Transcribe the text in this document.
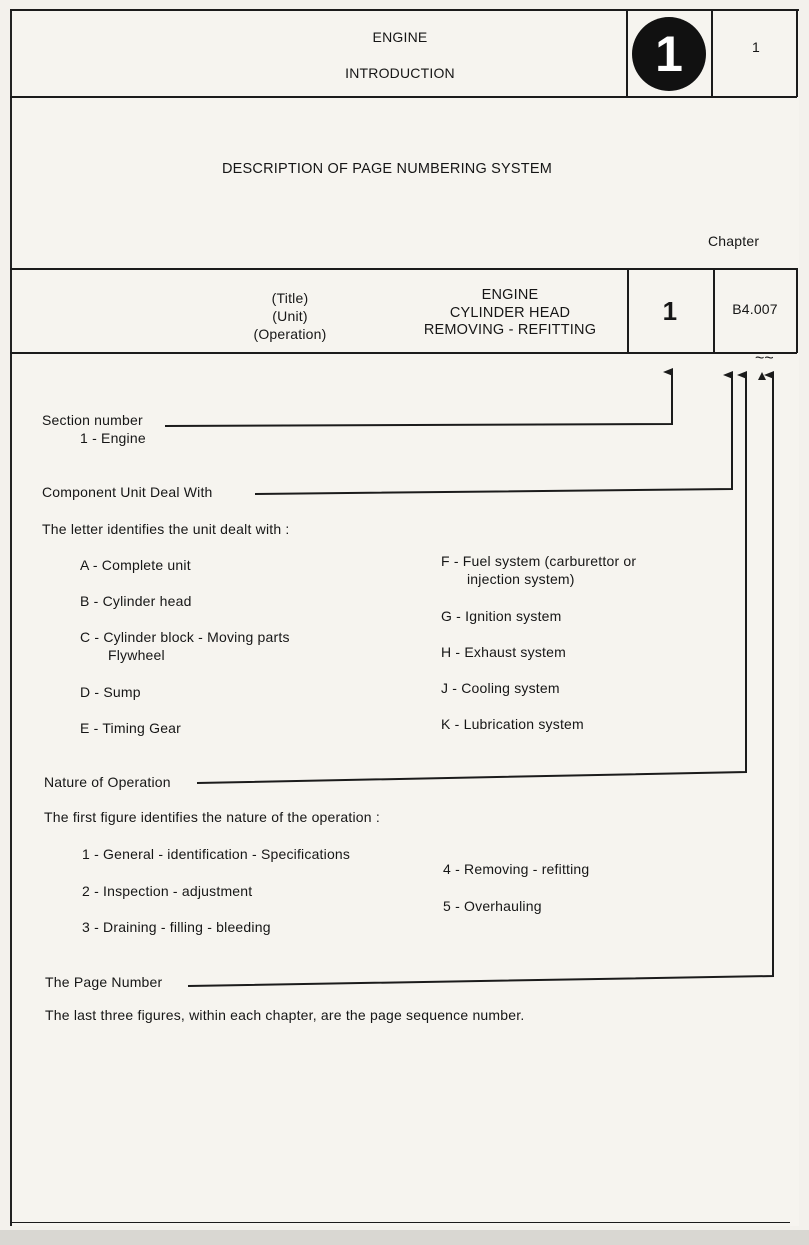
ENGINE
INTRODUCTION	1	1
DESCRIPTION OF PAGE NUMBERING SYSTEM
Chapter
(Title)
(Unit)
(Operation)
ENGINE
CYLINDER HEAD
REMOVING - REFITTING
1	B4.007
~~
Section number
1 - Engine
Component Unit Deal With
The letter identifies the unit dealt with :
A - Complete unit
B - Cylinder head
C - Cylinder block - Moving parts
Flywheel
D - Sump
E - Timing Gear
F - Fuel system (carburettor or
injection system)
G - Ignition system
H - Exhaust system
J - Cooling system
K - Lubrication system
Nature of Operation
The first figure identifies the nature of the operation :
1 - General - identification - Specifications
2 - Inspection - adjustment
3 - Draining - filling - bleeding
4 - Removing - refitting
5 - Overhauling
The Page Number
The last three figures, within each chapter, are the page sequence number.
